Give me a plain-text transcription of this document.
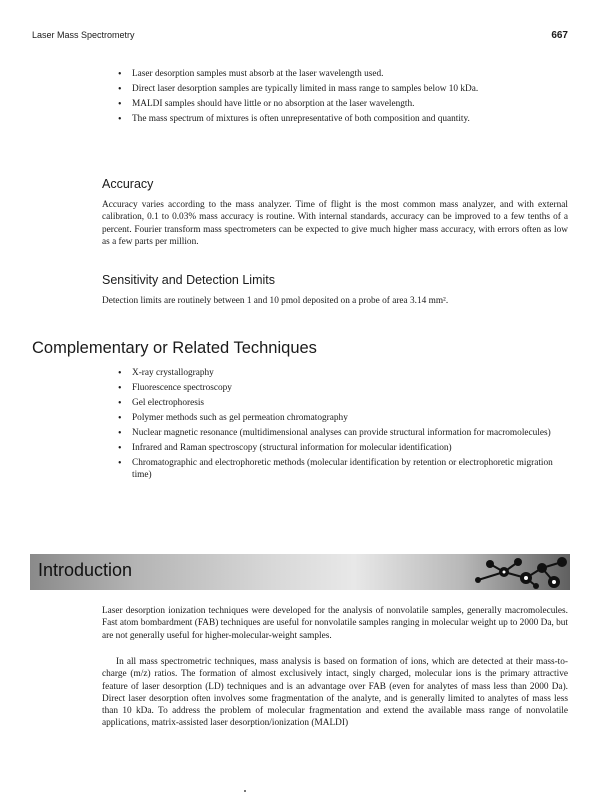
Laser Mass Spectrometry	667
• Laser desorption samples must absorb at the laser wavelength used.
• Direct laser desorption samples are typically limited in mass range to samples below 10 kDa.
• MALDI samples should have little or no absorption at the laser wavelength.
• The mass spectrum of mixtures is often unrepresentative of both composition and quantity.
Accuracy

Accuracy varies according to the mass analyzer. Time of flight is the most common mass analyzer, and with external calibration, 0.1 to 0.03% mass accuracy is routine. With internal standards, accuracy can be improved to a few tenths of a percent. Fourier transform mass spectrometers can be expected to give much higher mass accuracy, with errors often as low as a few parts per million.

Sensitivity and Detection Limits

Detection limits are routinely between 1 and 10 pmol deposited on a probe of area 3.14 mm².

Complementary or Related Techniques
• X-ray crystallography
• Fluorescence spectroscopy
• Gel electrophoresis
• Polymer methods such as gel permeation chromatography
• Nuclear magnetic resonance (multidimensional analyses can provide structural information for macromolecules)
• Infrared and Raman spectroscopy (structural information for molecular identification)
• Chromatographic and electrophoretic methods (molecular identification by retention or electrophoretic migration time)
Introduction

Laser desorption ionization techniques were developed for the analysis of nonvolatile samples, generally macromolecules. Fast atom bombardment (FAB) techniques are useful for nonvolatile samples ranging in molecular weight up to 2000 Da, but are not generally useful for higher-molecular-weight samples.

In all mass spectrometric techniques, mass analysis is based on formation of ions, which are detected at their mass-to-charge (m/z) ratios. The formation of almost exclusively intact, singly charged, molecular ions is the primary attractive feature of laser desorption (LD) techniques and is an advantage over FAB (even for analytes of mass less than 2000 Da). Direct laser desorption often involves some fragmentation of the analyte, and is generally limited to analytes of mass less than 10 kDa. To address the problem of molecular fragmentation and extend the available mass range of nonvolatile applications, matrix-assisted laser desorption/ionization (MALDI)
